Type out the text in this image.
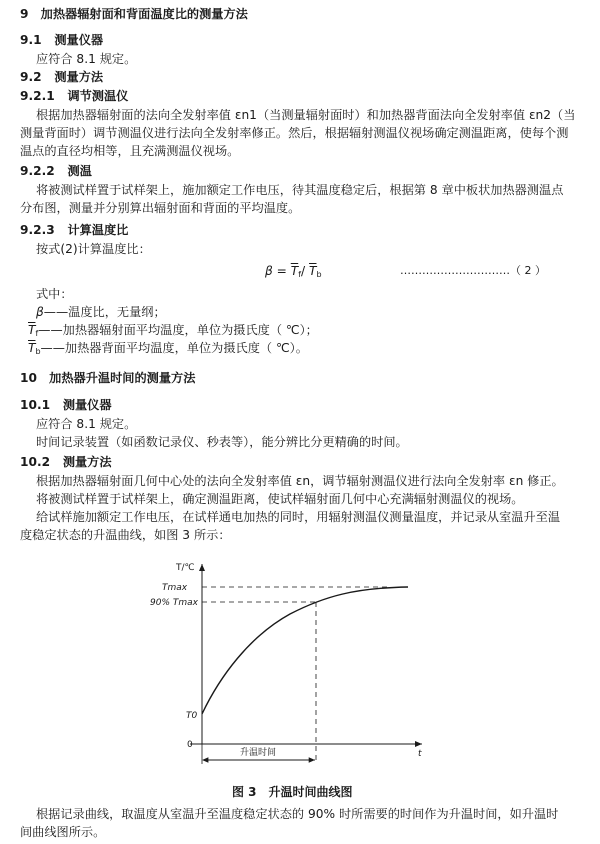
9　加热器辐射面和背面温度比的测量方法
9.1 测量仪器
应符合 8.1 规定。
9.2 测量方法
9.2.1 调节测温仪
根据加热器辐射面的法向全发射率值 εn1（当测量辐射面时）和加热器背面法向全发射率值 εn2（当
测量背面时）调节测温仪进行法向全发射率修正。然后，根据辐射测温仪视场确定测温距离，使每个测
温点的直径均相等，且充满测温仪视场。
9.2.2 测温
将被测试样置于试样架上，施加额定工作电压，待其温度稳定后，根据第 8 章中板状加热器测温点
分布图，测量并分别算出辐射面和背面的平均温度。
9.2.3 计算温度比
按式(2)计算温度比：
$\beta = \overline{T}_f/$ $\overline{T}_b$	…………………………（ 2 ）
式中：
β——温度比，无量纲；
$\overline{T}_f——$加热器辐射面平均温度，单位为摄氏度（ ℃）；
$\overline{T}_b——$加热器背面平均温度，单位为摄氏度（ ℃）。
10　加热器升温时间的测量方法
10.1 测量仪器
应符合 8.1 规定。
时间记录装置（如函数记录仪、秒表等），能分辨比分更精确的时间。
10.2 测量方法
根据加热器辐射面几何中心处的法向全发射率值 εn，调节辐射测温仪进行法向全发射率 εn 修正。
将被测试样置于试样架上，确定测温距离，使试样辐射面几何中心充满辐射测温仪的视场。
给试样施加额定工作电压，在试样通电加热的同时，用辐射测温仪测量温度，并记录从室温升至温
度稳定状态的升温曲线，如图 3 所示：
T/℃
t
0
Tmax
90% Tmax
T0
升温时间
图 3　升温时间曲线图
根据记录曲线，取温度从室温升至温度稳定状态的 90% 时所需要的时间作为升温时间，如升温时
间曲线图所示。
